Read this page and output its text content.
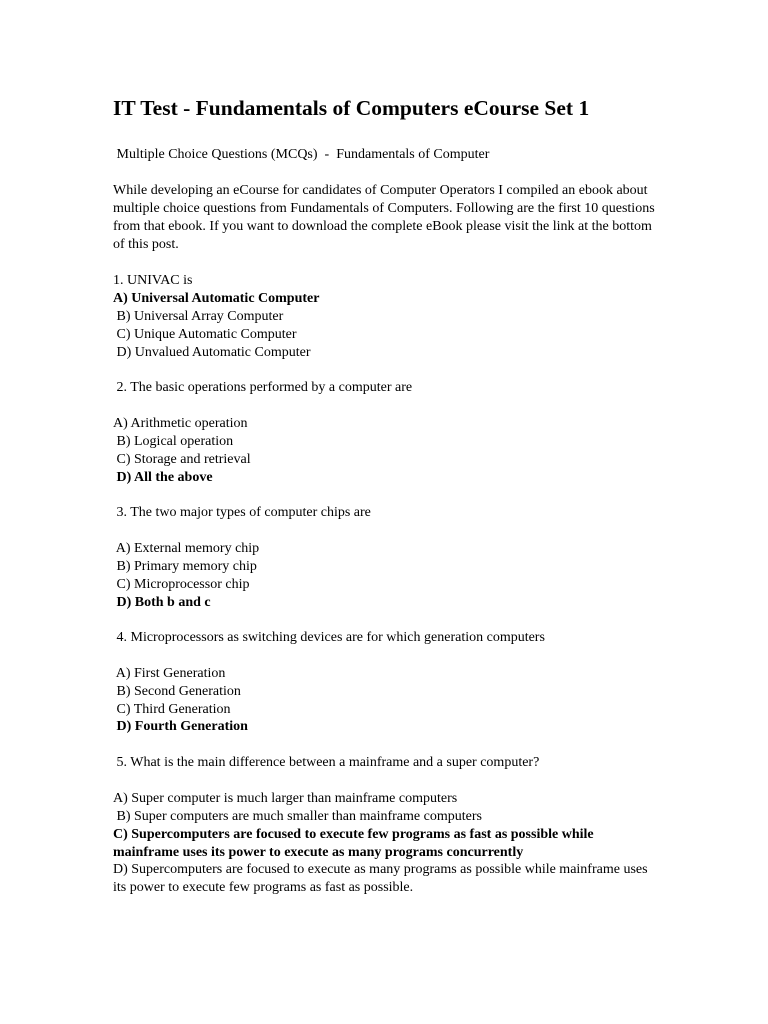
IT Test - Fundamentals of Computers eCourse Set 1

Multiple Choice Questions (MCQs)  -  Fundamentals of Computer

While developing an eCourse for candidates of Computer Operators I compiled an ebook about multiple choice questions from Fundamentals of Computers. Following are the first 10 questions from that ebook. If you want to download the complete eBook please visit the link at the bottom of this post.

1. UNIVAC is

A) Universal Automatic Computer

B) Universal Array Computer

C) Unique Automatic Computer

D) Unvalued Automatic Computer

2. The basic operations performed by a computer are

A) Arithmetic operation

B) Logical operation

C) Storage and retrieval

D) All the above

3. The two major types of computer chips are

A) External memory chip

B) Primary memory chip

C) Microprocessor chip

D) Both b and c

4. Microprocessors as switching devices are for which generation computers

A) First Generation

B) Second Generation

C) Third Generation

D) Fourth Generation

5. What is the main difference between a mainframe and a super computer?

A) Super computer is much larger than mainframe computers

B) Super computers are much smaller than mainframe computers

C) Supercomputers are focused to execute few programs as fast as possible while mainframe uses its power to execute as many programs concurrently

D) Supercomputers are focused to execute as many programs as possible while mainframe uses its power to execute few programs as fast as possible.
